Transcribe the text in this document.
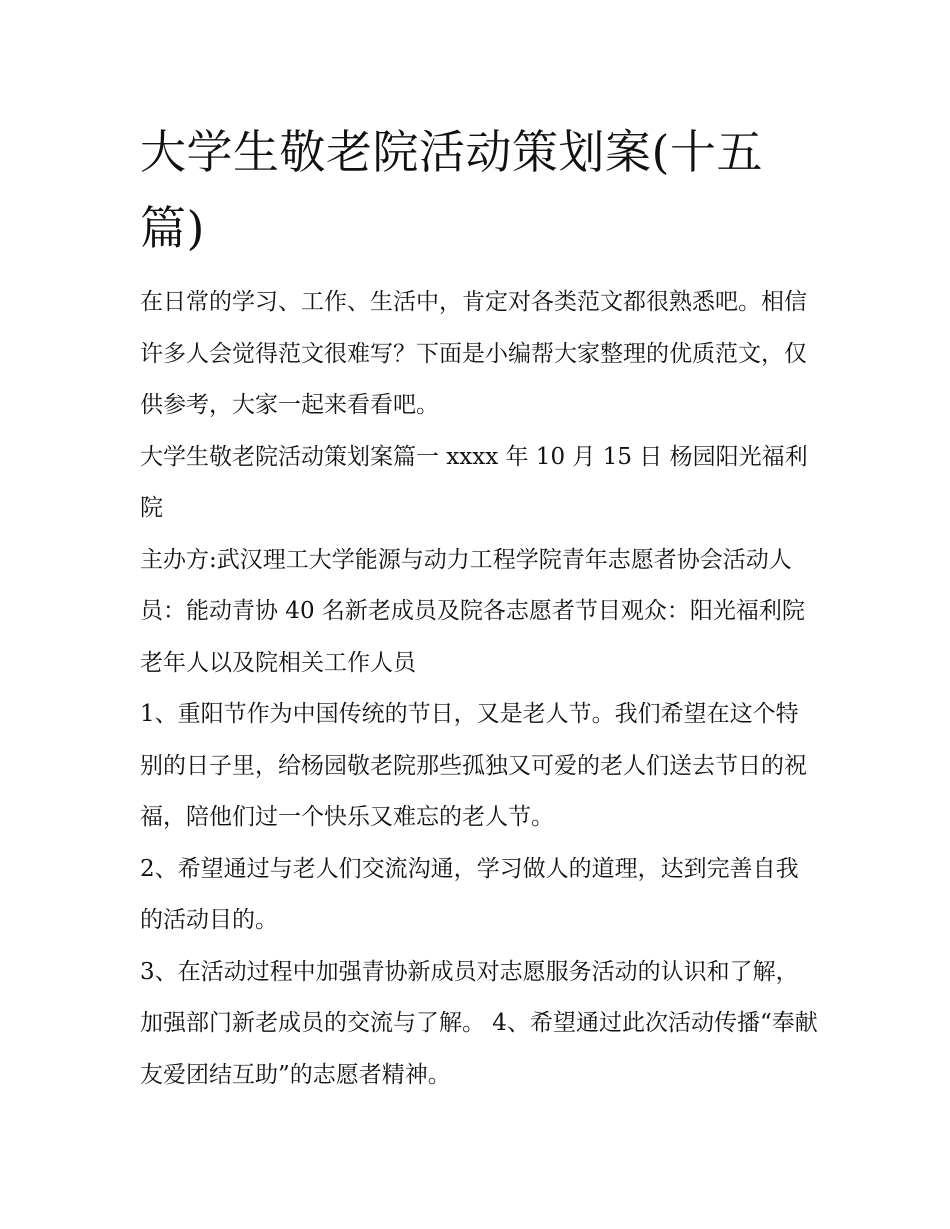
大学生敬老院活动策划案(十五篇)

在日常的学习、工作、生活中，肯定对各类范文都很熟悉吧。相信许多人会觉得范文很难写？下面是小编帮大家整理的优质范文，仅供参考，大家一起来看看吧。

大学生敬老院活动策划案篇一 xxxx 年 10 月 15 日 杨园阳光福利院

主办方:武汉理工大学能源与动力工程学院青年志愿者协会活动人员：能动青协 40 名新老成员及院各志愿者节目观众：阳光福利院老年人以及院相关工作人员

1、重阳节作为中国传统的节日，又是老人节。我们希望在这个特别的日子里，给杨园敬老院那些孤独又可爱的老人们送去节日的祝福，陪他们过一个快乐又难忘的老人节。

2、希望通过与老人们交流沟通，学习做人的道理，达到完善自我的活动目的。

3、在活动过程中加强青协新成员对志愿服务活动的认识和了解，加强部门新老成员的交流与了解。 4、希望通过此次活动传播“奉献友爱团结互助”的志愿者精神。
